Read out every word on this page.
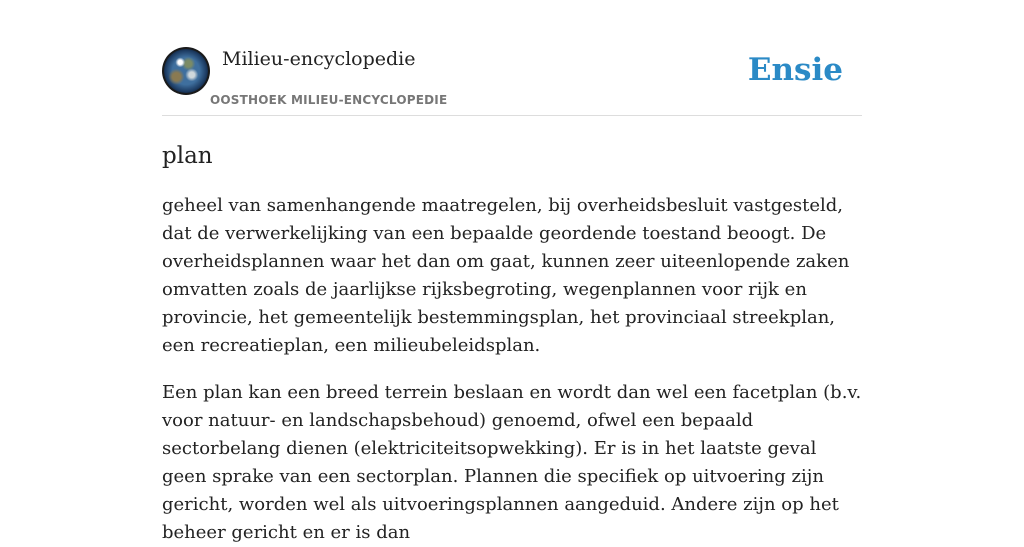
Milieu-encyclopedie
OOSTHOEK MILIEU-ENCYCLOPEDIE
Ensie
plan

geheel van samenhangende maatregelen, bij overheidsbesluit vastgesteld, dat de verwerkelijking van een bepaalde geordende toestand beoogt. De overheidsplannen waar het dan om gaat, kunnen zeer uiteenlopende zaken omvatten zoals de jaarlijkse rijksbegroting, wegenplannen voor rijk en provincie, het gemeentelijk bestemmingsplan, het provinciaal streekplan, een recreatieplan, een milieubeleidsplan.

Een plan kan een breed terrein beslaan en wordt dan wel een facetplan (b.v. voor natuur- en landschapsbehoud) genoemd, ofwel een bepaald sectorbelang dienen (elektriciteitsopwekking). Er is in het laatste geval geen sprake van een sectorplan. Plannen die specifiek op uitvoering zijn gericht, worden wel als uitvoeringsplannen aangeduid. Andere zijn op het beheer gericht en er is dan
